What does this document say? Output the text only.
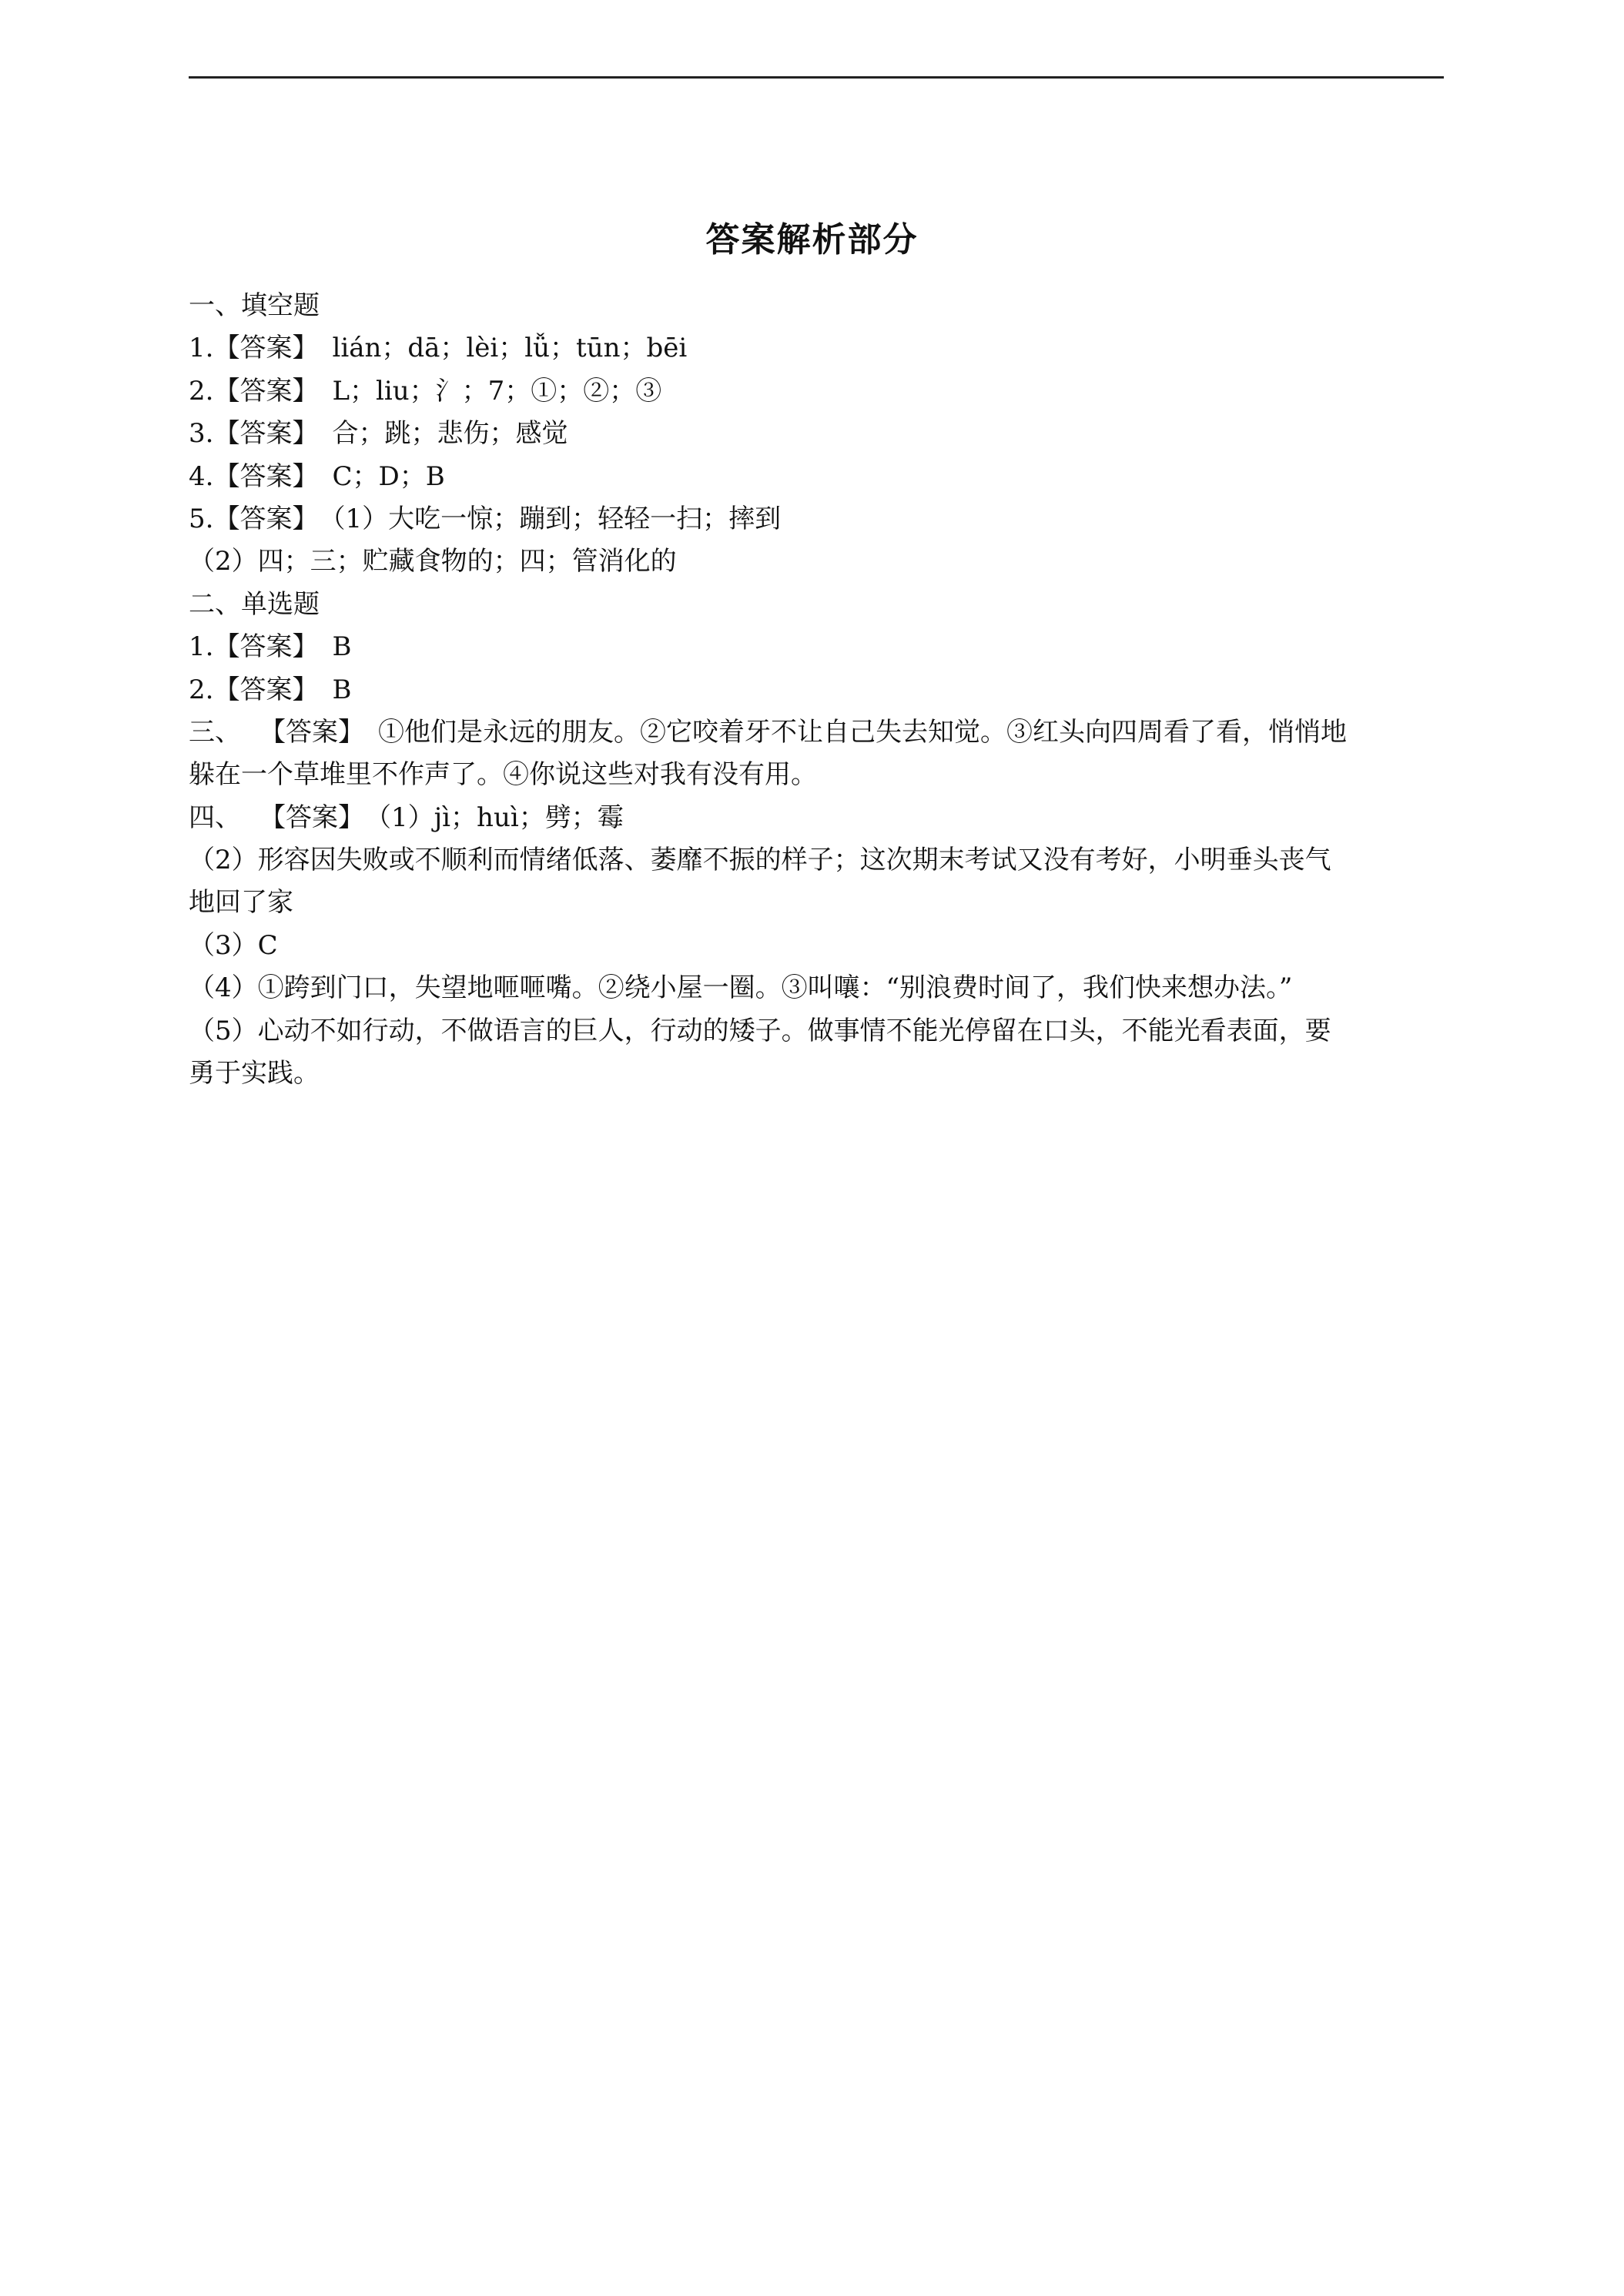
答案解析部分
一、填空题
1.【答案】 lián；dā；lèi；lǚ；tūn；bēi
2.【答案】 L；liu；氵；7；①；②；③
3.【答案】 合；跳；悲伤；感觉
4.【答案】 C；D；B
5.【答案】 （1）大吃一惊；蹦到；轻轻一扫；摔到
（2）四；三；贮藏食物的；四；管消化的
二、单选题
1.【答案】 B
2.【答案】 B
三、 【答案】 ①他们是永远的朋友。②它咬着牙不让自己失去知觉。③红头向四周看了看，悄悄地
躲在一个草堆里不作声了。④你说这些对我有没有用。
四、 【答案】 （1）jì；huì；劈；霉
（2）形容因失败或不顺利而情绪低落、萎靡不振的样子；这次期末考试又没有考好，小明垂头丧气
地回了家
（3）C
（4）①跨到门口，失望地咂咂嘴。②绕小屋一圈。③叫嚷：“别浪费时间了，我们快来想办法。”
（5）心动不如行动，不做语言的巨人，行动的矮子。做事情不能光停留在口头，不能光看表面，要
勇于实践。
